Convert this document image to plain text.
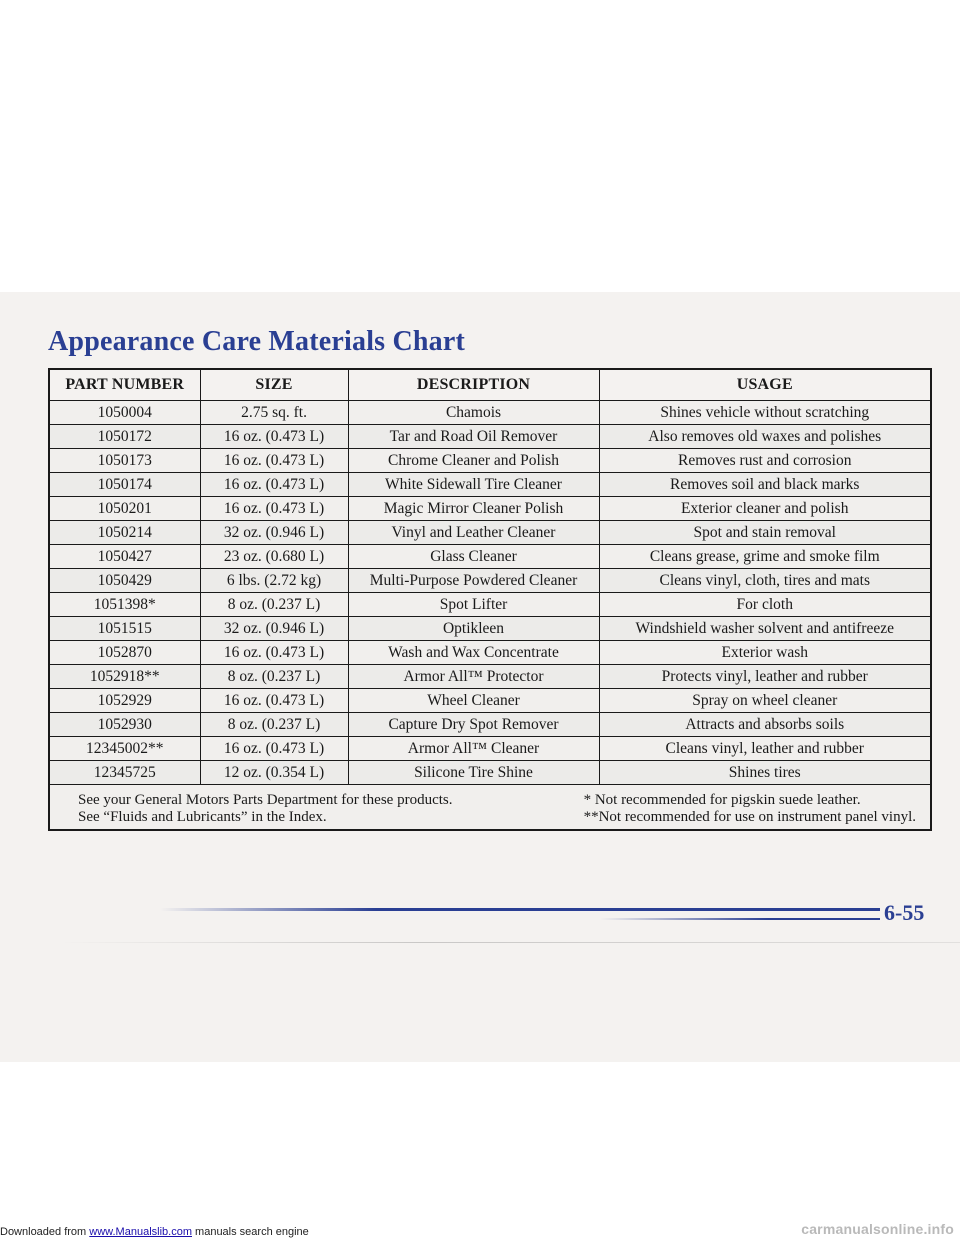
Appearance Care Materials Chart
PART NUMBER	SIZE	DESCRIPTION	USAGE
1050004	2.75 sq. ft.	Chamois	Shines vehicle without scratching
1050172	16 oz. (0.473 L)	Tar and Road Oil Remover	Also removes old waxes and polishes
1050173	16 oz. (0.473 L)	Chrome Cleaner and Polish	Removes rust and corrosion
1050174	16 oz. (0.473 L)	White Sidewall Tire Cleaner	Removes soil and black marks
1050201	16 oz. (0.473 L)	Magic Mirror Cleaner Polish	Exterior cleaner and polish
1050214	32 oz. (0.946 L)	Vinyl and Leather Cleaner	Spot and stain removal
1050427	23 oz. (0.680 L)	Glass Cleaner	Cleans grease, grime and smoke film
1050429	6 lbs. (2.72 kg)	Multi-Purpose Powdered Cleaner	Cleans vinyl, cloth, tires and mats
1051398*	8 oz. (0.237 L)	Spot Lifter	For cloth
1051515	32 oz. (0.946 L)	Optikleen	Windshield washer solvent and antifreeze
1052870	16 oz. (0.473 L)	Wash and Wax Concentrate	Exterior wash
1052918**	8 oz. (0.237 L)	Armor All™ Protector	Protects vinyl, leather and rubber
1052929	16 oz. (0.473 L)	Wheel Cleaner	Spray on wheel cleaner
1052930	8 oz. (0.237 L)	Capture Dry Spot Remover	Attracts and absorbs soils
12345002**	16 oz. (0.473 L)	Armor All™ Cleaner	Cleans vinyl, leather and rubber
12345725	12 oz. (0.354 L)	Silicone Tire Shine	Shines tires

See your General Motors Parts Department for these products.

See “Fluids and Lubricants” in the Index.

* Not recommended for pigskin suede leather.

**Not recommended for use on instrument panel vinyl.			

6-55
Downloaded from www.Manualslib.com manuals search engine	carmanualsonline.info
